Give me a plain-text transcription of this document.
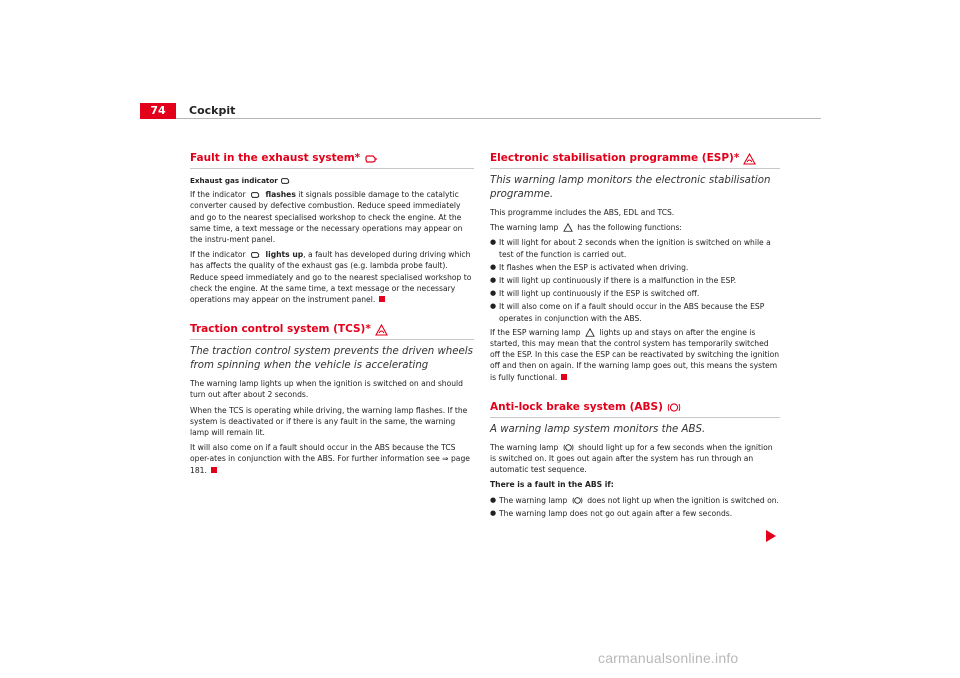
74	Cockpit
Fault in the exhaust system*
Exhaust gas indicator

If the indicator	flashes it signals possible damage to the catalytic converter caused by defective combustion. Reduce speed immediately and go to the nearest specialised workshop to check the engine. At the same time, a text message or the necessary operations may appear on the instru-ment panel.

If the indicator	lights up, a fault has developed during driving which has affects the quality of the exhaust gas (e.g. lambda probe fault). Reduce speed immediately and go to the nearest specialised workshop to check the engine. At the same time, a text message or the necessary operations may appear on the instrument panel.

Traction control system (TCS)*
The traction control system prevents the driven wheels from spinning when the vehicle is accelerating

The warning lamp lights up when the ignition is switched on and should turn out after about 2 seconds.

When the TCS is operating while driving, the warning lamp flashes. If the system is deactivated or if there is any fault in the same, the warning lamp will remain lit.

It will also come on if a fault should occur in the ABS because the TCS oper-ates in conjunction with the ABS. For further information see ⇒ page 181.

Electronic stabilisation programme (ESP)*
This warning lamp monitors the electronic stabilisation programme.

This programme includes the ABS, EDL and TCS.

The warning lamp has the following functions:

● It will light for about 2 seconds when the ignition is switched on while a test of the function is carried out.
● It flashes when the ESP is activated when driving.
● It will light up continuously if there is a malfunction in the ESP.
● It will light up continuously if the ESP is switched off.
● It will also come on if a fault should occur in the ABS because the ESP operates in conjunction with the ABS.

If the ESP warning lamp lights up and stays on after the engine is started, this may mean that the control system has temporarily switched off the ESP. In this case the ESP can be reactivated by switching the ignition off and then on again. If the warning lamp goes out, this means the system is fully functional.

Anti-lock brake system (ABS)
A warning lamp system monitors the ABS.

The warning lamp	should light up for a few seconds when the ignition is switched on. It goes out again after the system has run through an automatic test sequence.

There is a fault in the ABS if:

● The warning lamp	does not light up when the ignition is switched on.
● The warning lamp does not go out again after a few seconds.
carmanualsonline.info
